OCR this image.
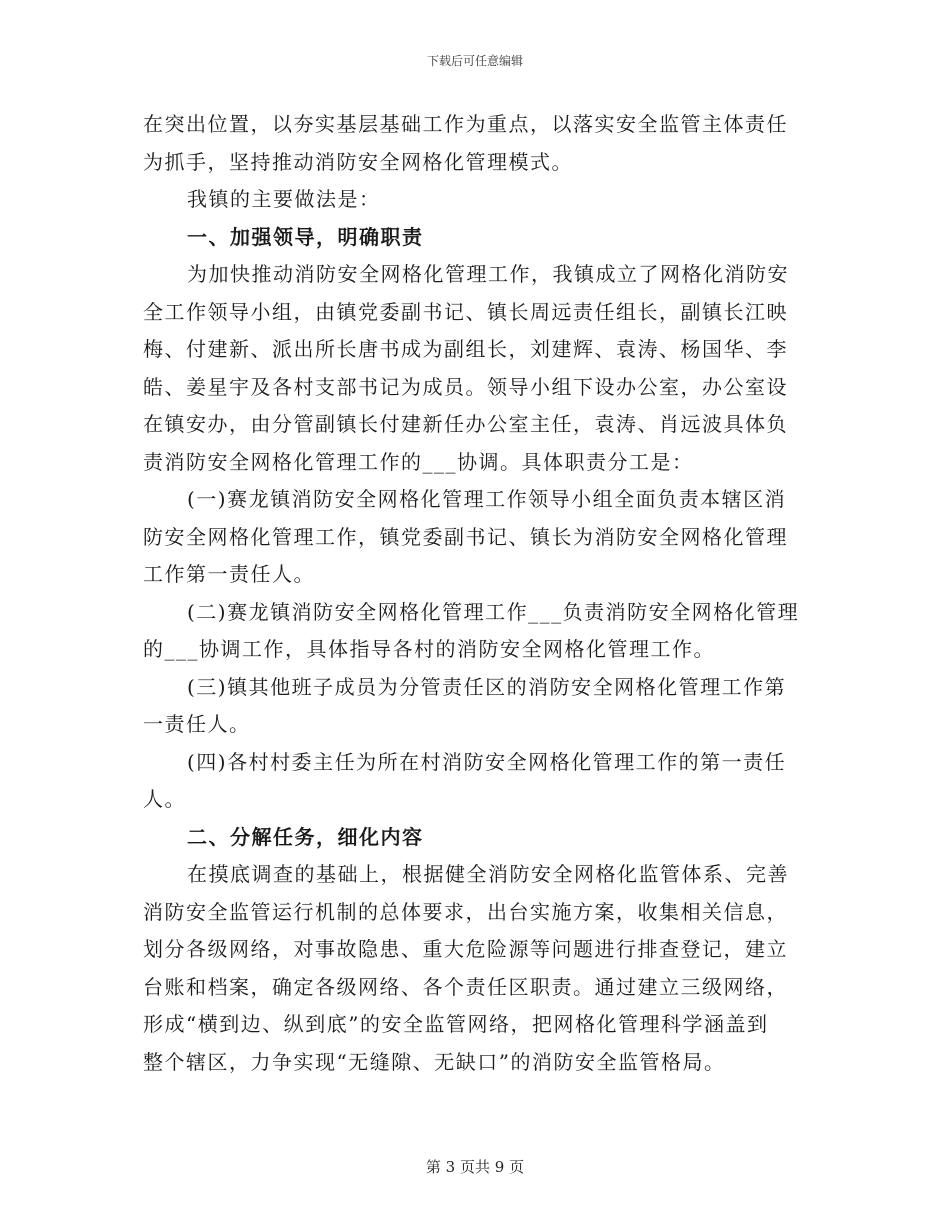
下载后可任意编辑
在突出位置，以夯实基层基础工作为重点，以落实安全监管主体责任
为抓手，坚持推动消防安全网格化管理模式。
我镇的主要做法是：
一、加强领导，明确职责
为加快推动消防安全网格化管理工作，我镇成立了网格化消防安
全工作领导小组，由镇党委副书记、镇长周远责任组长，副镇长江映
梅、付建新、派出所长唐书成为副组长，刘建辉、袁涛、杨国华、李
皓、姜星宇及各村支部书记为成员。领导小组下设办公室，办公室设
在镇安办，由分管副镇长付建新任办公室主任，袁涛、肖远波具体负
责消防安全网格化管理工作的___协调。具体职责分工是：
(一)赛龙镇消防安全网格化管理工作领导小组全面负责本辖区消
防安全网格化管理工作，镇党委副书记、镇长为消防安全网格化管理
工作第一责任人。
(二)赛龙镇消防安全网格化管理工作___负责消防安全网格化管理
的___协调工作，具体指导各村的消防安全网格化管理工作。
(三)镇其他班子成员为分管责任区的消防安全网格化管理工作第
一责任人。
(四)各村村委主任为所在村消防安全网格化管理工作的第一责任
人。
二、分解任务，细化内容
在摸底调查的基础上，根据健全消防安全网格化监管体系、完善
消防安全监管运行机制的总体要求，出台实施方案，收集相关信息，
划分各级网络，对事故隐患、重大危险源等问题进行排查登记，建立
台账和档案，确定各级网络、各个责任区职责。通过建立三级网络，
形成“横到边、纵到底”的安全监管网络，把网格化管理科学涵盖到
整个辖区，力争实现“无缝隙、无缺口”的消防安全监管格局。
第 3 页共 9 页
